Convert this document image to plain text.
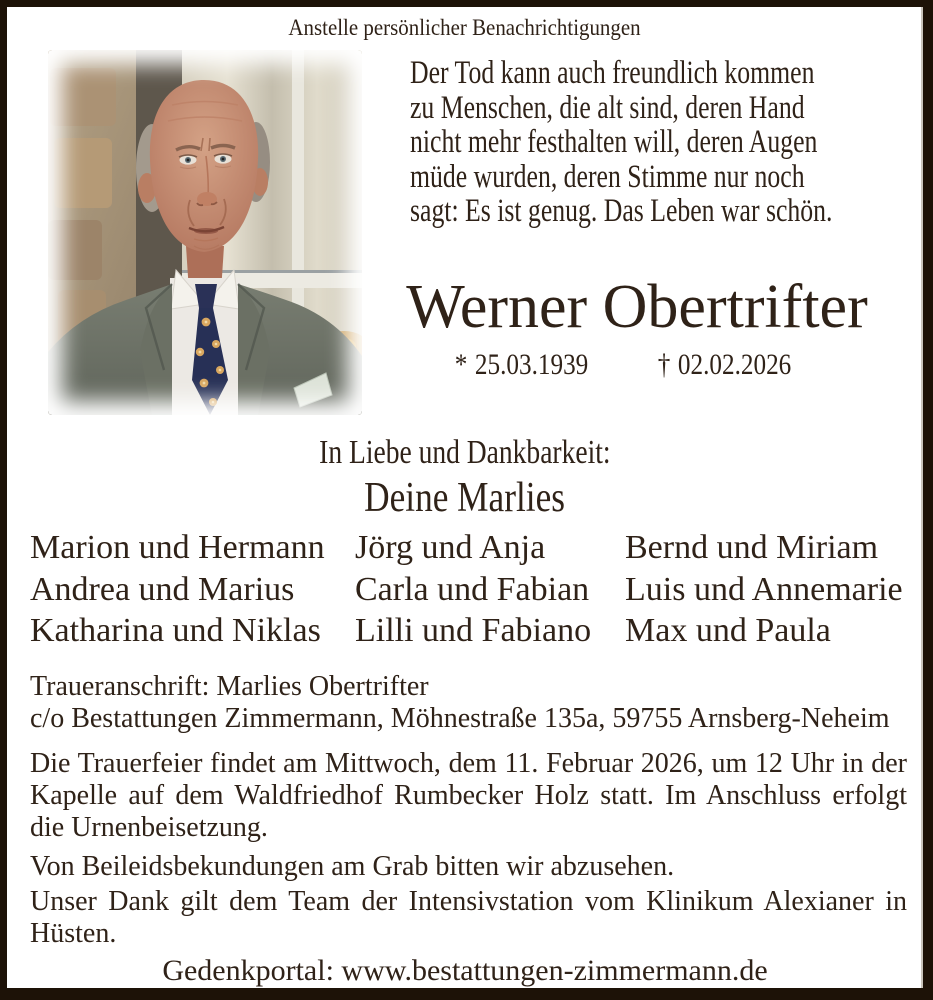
Anstelle persönlicher Benachrichtigungen
Der Tod kann auch freundlich kommen
zu Menschen, die alt sind, deren Hand
nicht mehr festhalten will, deren Augen
müde wurden, deren Stimme nur noch
sagt: Es ist genug. Das Leben war schön.
Werner Obertrifter
* 25.03.1939 † 02.02.2026
In Liebe und Dankbarkeit:
Deine Marlies
Marion und Hermann
Andrea und Marius
Katharina und Niklas
Jörg und Anja
Carla und Fabian
Lilli und Fabiano
Bernd und Miriam
Luis und Annemarie
Max und Paula
Traueranschrift: Marlies Obertrifter
c/o Bestattungen Zimmermann, Möhnestraße 135a, 59755 Arnsberg-Neheim
Die Trauerfeier findet am Mittwoch, dem 11. Februar 2026, um 12 Uhr in der
Kapelle auf dem Waldfriedhof Rumbecker Holz statt. Im Anschluss erfolgt
die Urnenbeisetzung.
Von Beileidsbekundungen am Grab bitten wir abzusehen.
Unser Dank gilt dem Team der Intensivstation vom Klinikum Alexianer in
Hüsten.
Gedenkportal: www.bestattungen-zimmermann.de
